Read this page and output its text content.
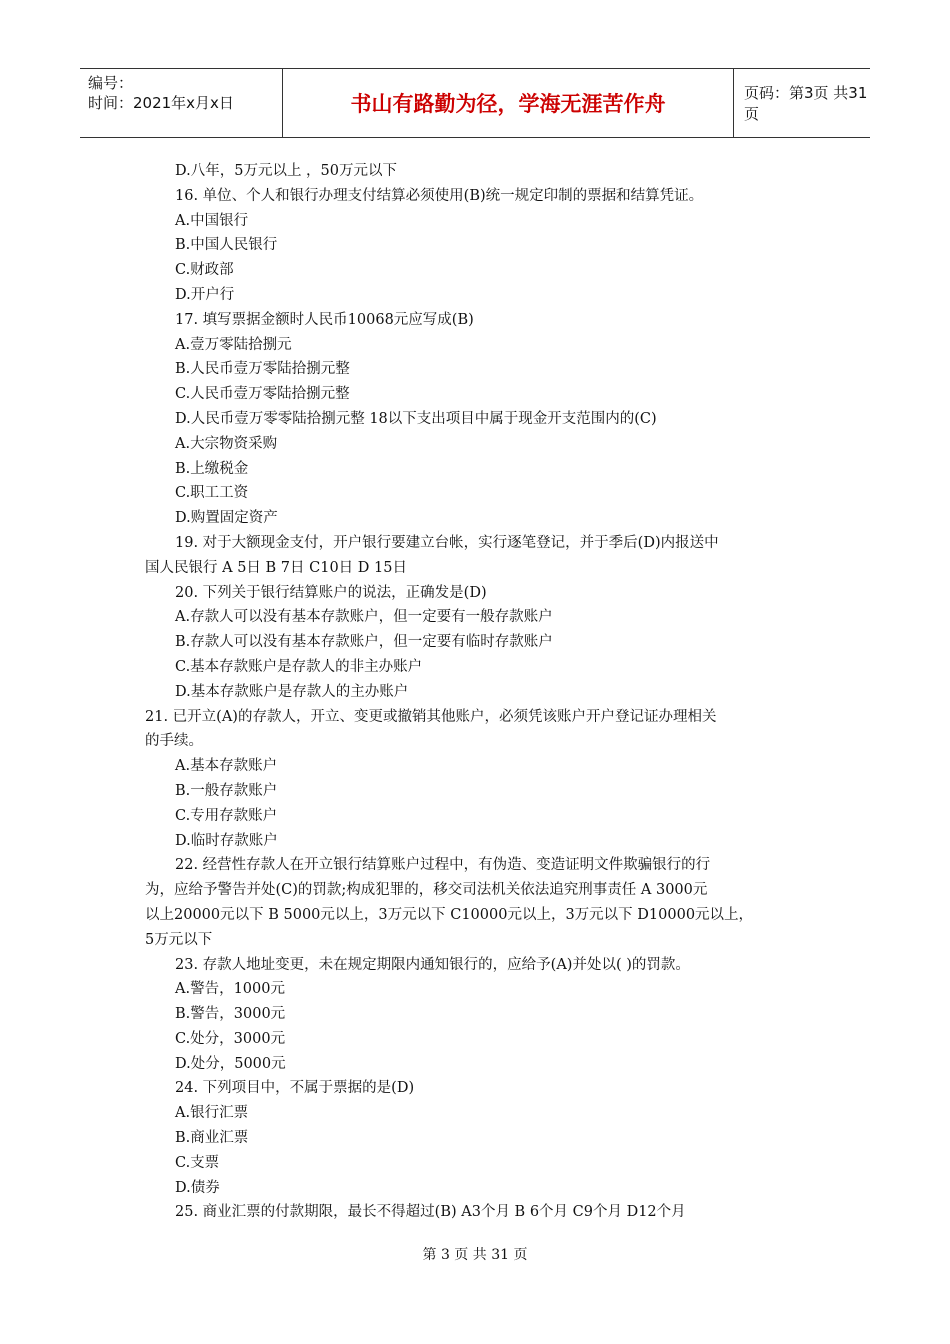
编号：
时间：2021年x月x日	书山有路勤为径，学海无涯苦作舟	页码：第3页 共31页
D.八年，5万元以上 ，50万元以下
16. 单位、个人和银行办理支付结算必须使用(B)统一规定印制的票据和结算凭证。
A.中国银行
B.中国人民银行
C.财政部
D.开户行
17. 填写票据金额时人民币10068元应写成(B)
A.壹万零陆拾捌元
B.人民币壹万零陆拾捌元整
C.人民币壹万零陆拾捌元整
D.人民币壹万零零陆拾捌元整 18以下支出项目中属于现金开支范围内的(C)
A.大宗物资采购
B.上缴税金
C.职工工资
D.购置固定资产
19. 对于大额现金支付，开户银行要建立台帐，实行逐笔登记，并于季后(D)内报送中
国人民银行 A 5日 B 7日 C10日 D 15日
20. 下列关于银行结算账户的说法，正确发是(D)
A.存款人可以没有基本存款账户，但一定要有一般存款账户
B.存款人可以没有基本存款账户，但一定要有临时存款账户
C.基本存款账户是存款人的非主办账户
D.基本存款账户是存款人的主办账户
21. 已开立(A)的存款人，开立、变更或撤销其他账户，必须凭该账户开户登记证办理相关
的手续。
A.基本存款账户
B.一般存款账户
C.专用存款账户
D.临时存款账户
22. 经营性存款人在开立银行结算账户过程中，有伪造、变造证明文件欺骗银行的行
为，应给予警告并处(C)的罚款;构成犯罪的，移交司法机关依法追究刑事责任 A 3000元
以上20000元以下 B 5000元以上，3万元以下 C10000元以上，3万元以下 D10000元以上，
5万元以下
23. 存款人地址变更，未在规定期限内通知银行的，应给予(A)并处以( )的罚款。
A.警告，1000元
B.警告，3000元
C.处分，3000元
D.处分，5000元
24. 下列项目中，不属于票据的是(D)
A.银行汇票
B.商业汇票
C.支票
D.债券
25. 商业汇票的付款期限，最长不得超过(B) A3个月 B 6个月 C9个月 D12个月
第 3 页 共 31 页
